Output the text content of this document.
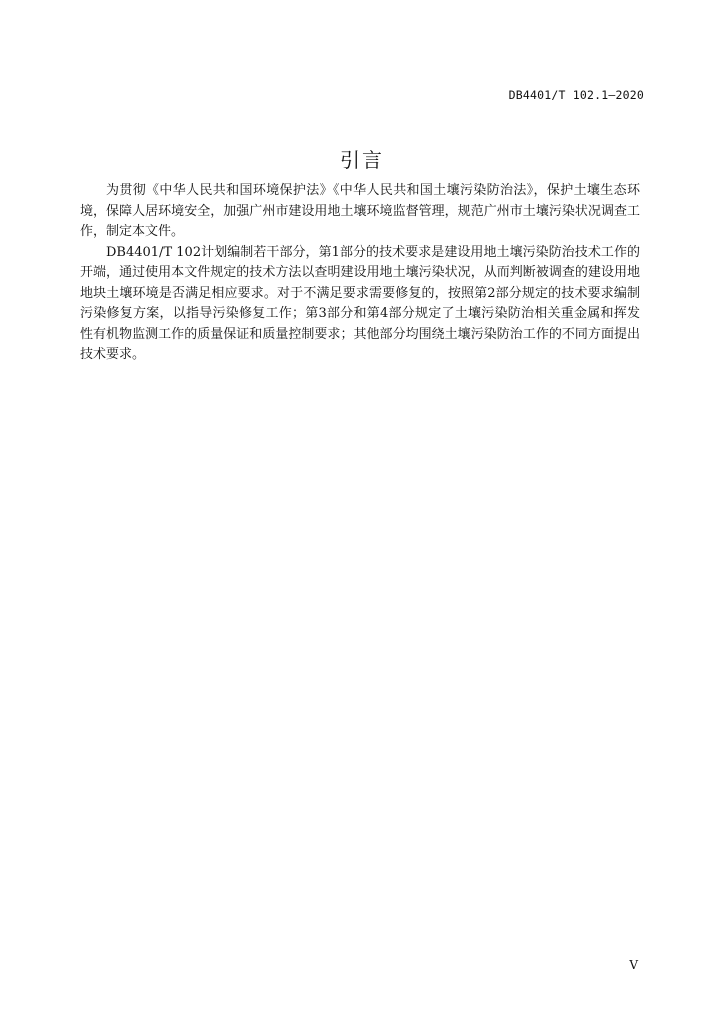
DB4401/T 102.1—2020
引言

为贯彻《中华人民共和国环境保护法》《中华人民共和国土壤污染防治法》，保护土壤生态环境，保障人居环境安全，加强广州市建设用地土壤环境监督管理，规范广州市土壤污染状况调查工作，制定本文件。

DB4401/T 102计划编制若干部分，第1部分的技术要求是建设用地土壤污染防治技术工作的开端，通过使用本文件规定的技术方法以查明建设用地土壤污染状况，从而判断被调查的建设用地地块土壤环境是否满足相应要求。对于不满足要求需要修复的，按照第2部分规定的技术要求编制污染修复方案，以指导污染修复工作；第3部分和第4部分规定了土壤污染防治相关重金属和挥发性有机物监测工作的质量保证和质量控制要求；其他部分均围绕土壤污染防治工作的不同方面提出技术要求。

V
